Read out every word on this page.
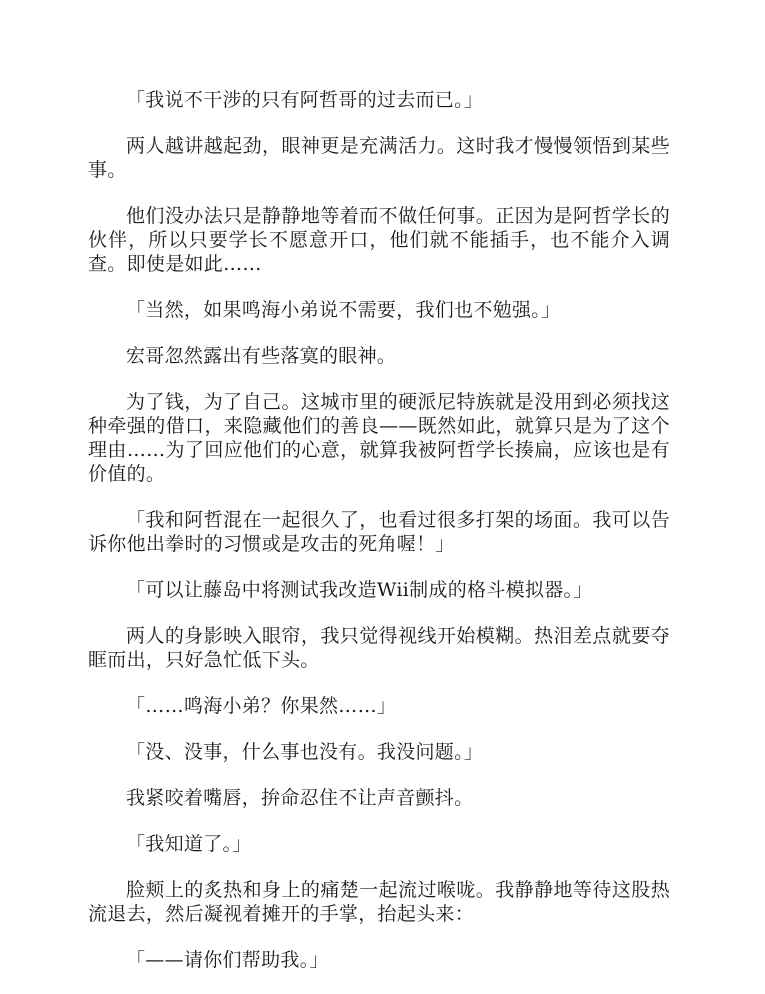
「我说不干涉的只有阿哲哥的过去而已。」

两人越讲越起劲，眼神更是充满活力。这时我才慢慢领悟到某些事。

他们没办法只是静静地等着而不做任何事。正因为是阿哲学长的伙伴，所以只要学长不愿意开口，他们就不能插手，也不能介入调查。即使是如此……

「当然，如果鸣海小弟说不需要，我们也不勉强。」

宏哥忽然露出有些落寞的眼神。

为了钱，为了自己。这城市里的硬派尼特族就是没用到必须找这种牵强的借口，来隐藏他们的善良——既然如此，就算只是为了这个理由……为了回应他们的心意，就算我被阿哲学长揍扁，应该也是有价值的。

「我和阿哲混在一起很久了，也看过很多打架的场面。我可以告诉你他出拳时的习惯或是攻击的死角喔！」

「可以让藤岛中将测试我改造Wii制成的格斗模拟器。」

两人的身影映入眼帘，我只觉得视线开始模糊。热泪差点就要夺眶而出，只好急忙低下头。

「……鸣海小弟？你果然……」

「没、没事，什么事也没有。我没问题。」

我紧咬着嘴唇，拚命忍住不让声音颤抖。

「我知道了。」

脸颊上的炙热和身上的痛楚一起流过喉咙。我静静地等待这股热流退去，然后凝视着摊开的手掌，抬起头来：

「——请你们帮助我。」
